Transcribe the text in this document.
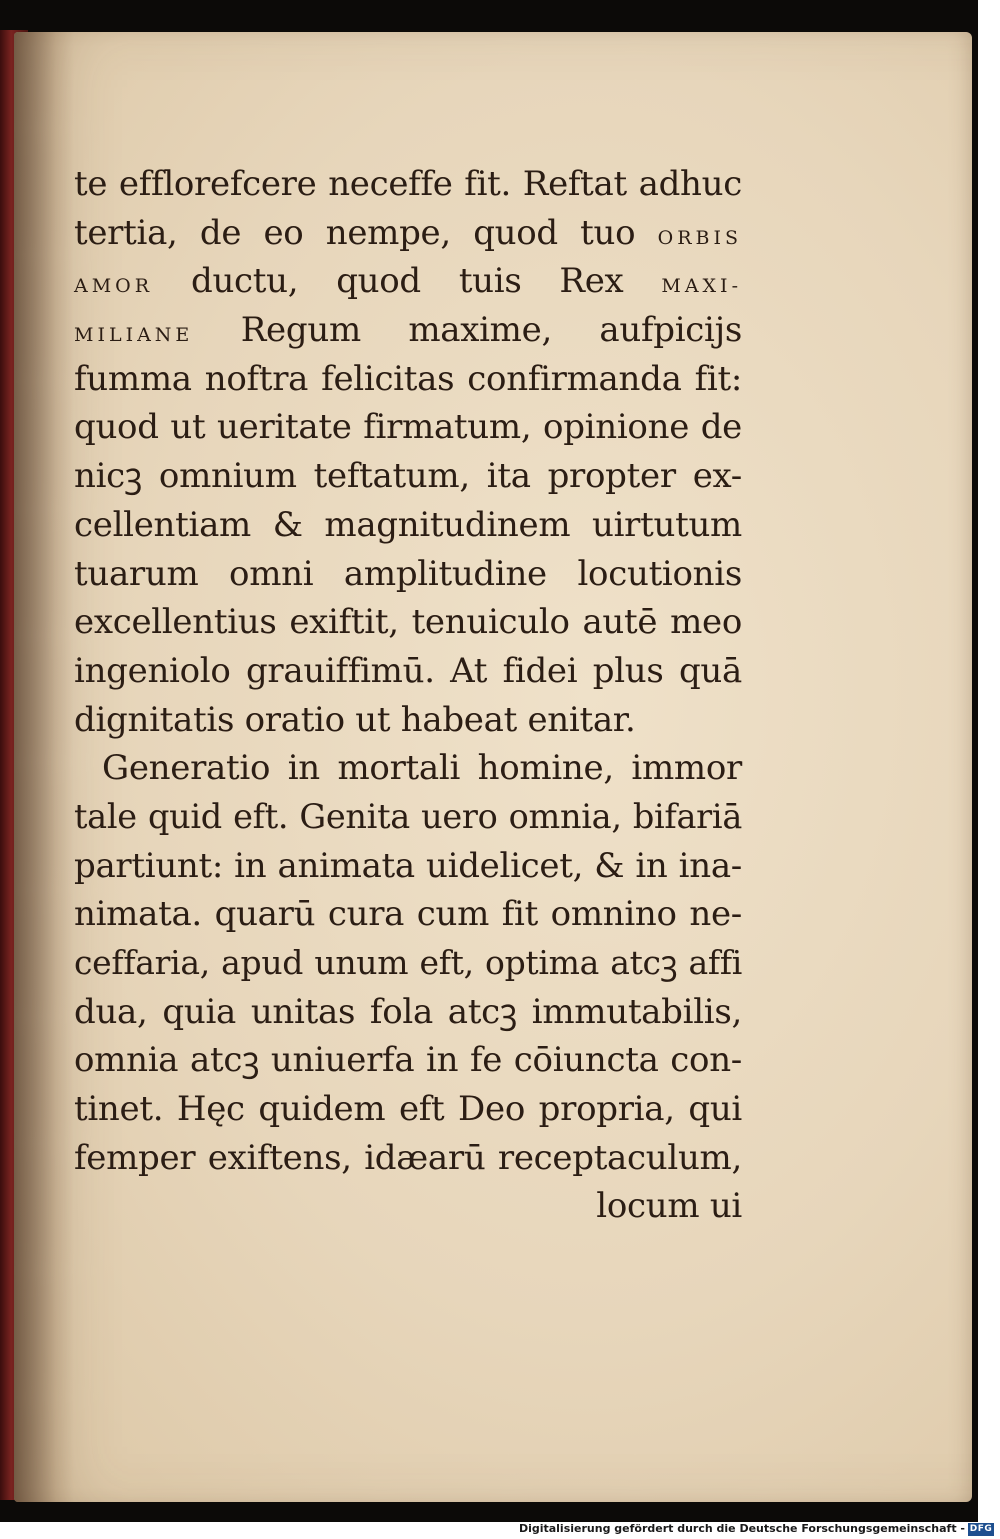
te efflorefcere neceffe fit. Reftat adhuc
tertia, de eo nempe, quod tuo ORBIS
AMOR ductu, quod tuis Rex MAXI-
MILIANE Regum maxime, aufpicijs
fumma noftra felicitas confirmanda fit:
quod ut ueritate firmatum, opinione de
nicꝫ omnium teftatum, ita propter ex-
cellentiam & magnitudinem uirtutum
tuarum omni amplitudine locutionis
excellentius exiftit, tenuiculo autē meo
ingeniolo grauiffimū. At fidei plus quā
dignitatis oratio ut habeat enitar.
Generatio in mortali homine, immor
tale quid eft. Genita uero omnia, bifariā
partiunt: in animata uidelicet, & in ina-
nimata. quarū cura cum fit omnino ne-
ceffaria, apud unum eft, optima atcꝫ affi
dua, quia unitas fola atcꝫ immutabilis,
omnia atcꝫ uniuerfa in fe cōiuncta con-
tinet. Hęc quidem eft Deo propria, qui
femper exiftens, idæarū receptaculum,
locum ui
Digitalisierung gefördert durch die Deutsche Forschungsgemeinschaft - DFG
